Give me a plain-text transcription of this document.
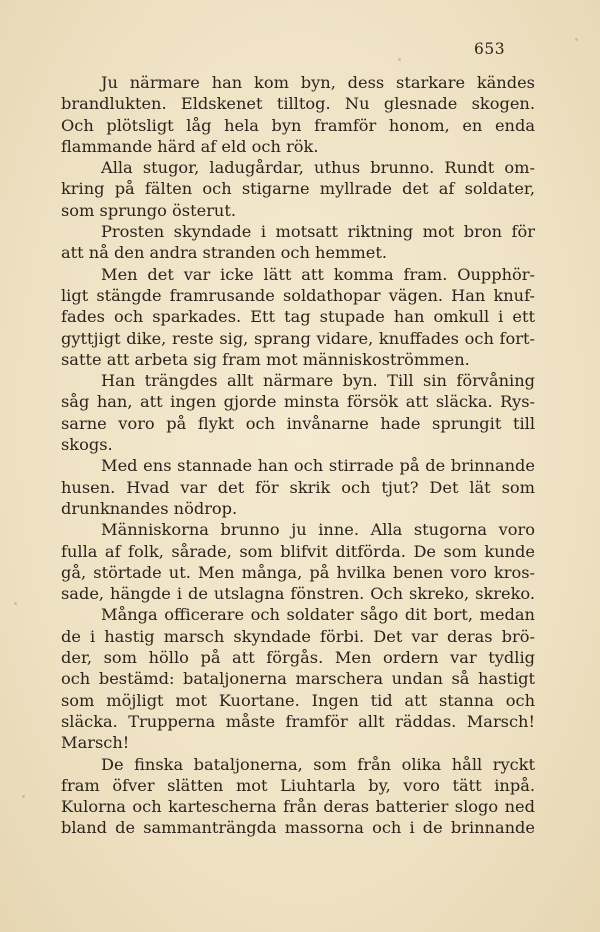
653
Ju närmare han kom byn, dess starkare kändes
brandlukten. Eldskenet tilltog. Nu glesnade skogen.
Och plötsligt låg hela byn framför honom, en enda
flammande härd af eld och rök.
Alla stugor, ladugårdar, uthus brunno. Rundt om-
kring på fälten och stigarne myllrade det af soldater,
som sprungo österut.
Prosten skyndade i motsatt riktning mot bron för
att nå den andra stranden och hemmet.
Men det var icke lätt att komma fram. Oupphör-
ligt stängde framrusande soldathopar vägen. Han knuf-
fades och sparkades. Ett tag stupade han omkull i ett
gyttjigt dike, reste sig, sprang vidare, knuffades och fort-
satte att arbeta sig fram mot människoströmmen.
Han trängdes allt närmare byn. Till sin förvåning
såg han, att ingen gjorde minsta försök att släcka. Rys-
sarne voro på flykt och invånarne hade sprungit till
skogs.
Med ens stannade han och stirrade på de brinnande
husen. Hvad var det för skrik och tjut? Det lät som
drunknandes nödrop.
Människorna brunno ju inne. Alla stugorna voro
fulla af folk, sårade, som blifvit ditförda. De som kunde
gå, störtade ut. Men många, på hvilka benen voro kros-
sade, hängde i de utslagna fönstren. Och skreko, skreko.
Många officerare och soldater sågo dit bort, medan
de i hastig marsch skyndade förbi. Det var deras brö-
der, som höllo på att förgås. Men ordern var tydlig
och bestämd: bataljonerna marschera undan så hastigt
som möjligt mot Kuortane. Ingen tid att stanna och
släcka. Trupperna måste framför allt räddas. Marsch!
Marsch!
De finska bataljonerna, som från olika håll ryckt
fram öfver slätten mot Liuhtarla by, voro tätt inpå.
Kulorna och kartescherna från deras batterier slogo ned
bland de sammanträngda massorna och i de brinnande
